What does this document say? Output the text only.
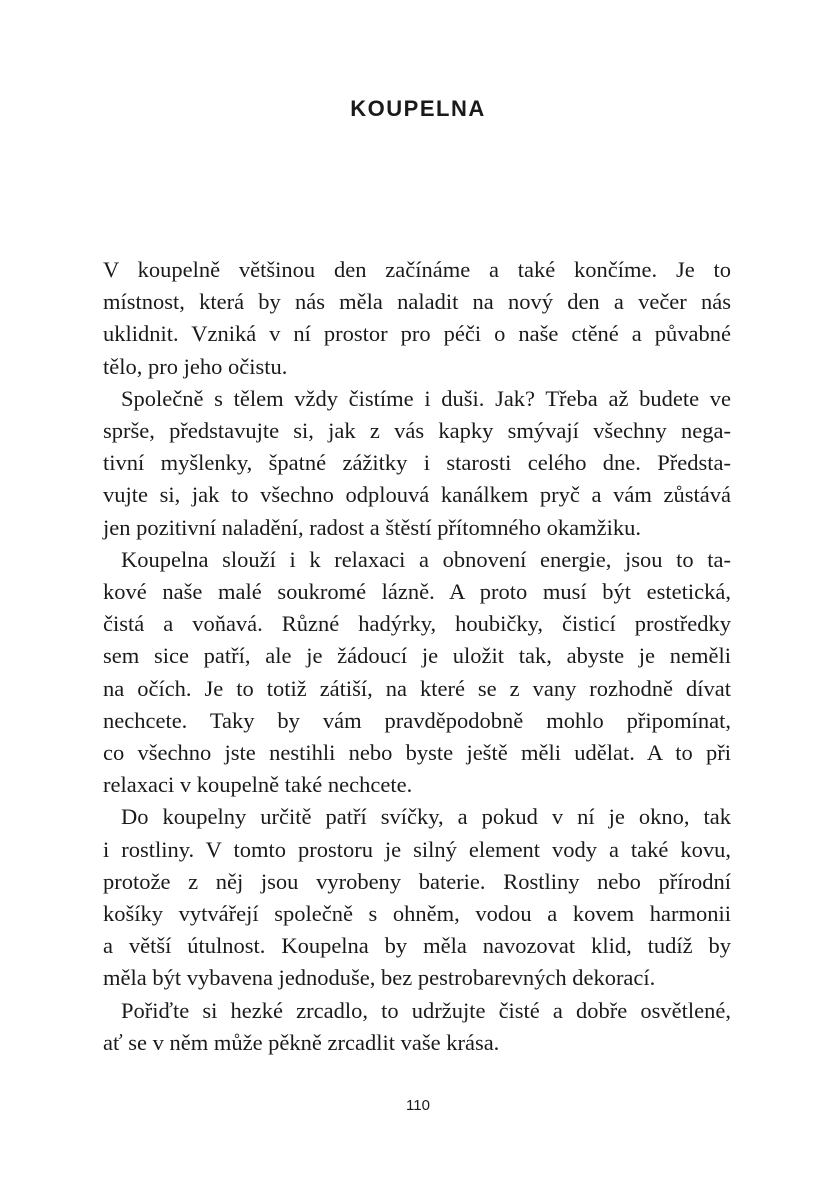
KOUPELNA
V koupelně většinou den začínáme a také končíme. Je to
místnost, která by nás měla naladit na nový den a večer nás
uklidnit. Vzniká v ní prostor pro péči o naše ctěné a půvabné
tělo, pro jeho očistu.
Společně s tělem vždy čistíme i duši. Jak? Třeba až budete ve
sprše, představujte si, jak z vás kapky smývají všechny nega-
tivní myšlenky, špatné zážitky i starosti celého dne. Předsta-
vujte si, jak to všechno odplouvá kanálkem pryč a vám zůstává
jen pozitivní naladění, radost a štěstí přítomného okamžiku.
Koupelna slouží i k relaxaci a obnovení energie, jsou to ta-
kové naše malé soukromé lázně. A proto musí být estetická,
čistá a voňavá. Různé hadýrky, houbičky, čisticí prostředky
sem sice patří, ale je žádoucí je uložit tak, abyste je neměli
na očích. Je to totiž zátiší, na které se z vany rozhodně dívat
nechcete. Taky by vám pravděpodobně mohlo připomínat,
co všechno jste nestihli nebo byste ještě měli udělat. A to při
relaxaci v koupelně také nechcete.
Do koupelny určitě patří svíčky, a pokud v ní je okno, tak
i rostliny. V tomto prostoru je silný element vody a také kovu,
protože z něj jsou vyrobeny baterie. Rostliny nebo přírodní
košíky vytvářejí společně s ohněm, vodou a kovem harmonii
a větší útulnost. Koupelna by měla navozovat klid, tudíž by
měla být vybavena jednoduše, bez pestrobarevných dekorací.
Pořiďte si hezké zrcadlo, to udržujte čisté a dobře osvětlené,
ať se v něm může pěkně zrcadlit vaše krása.
110
